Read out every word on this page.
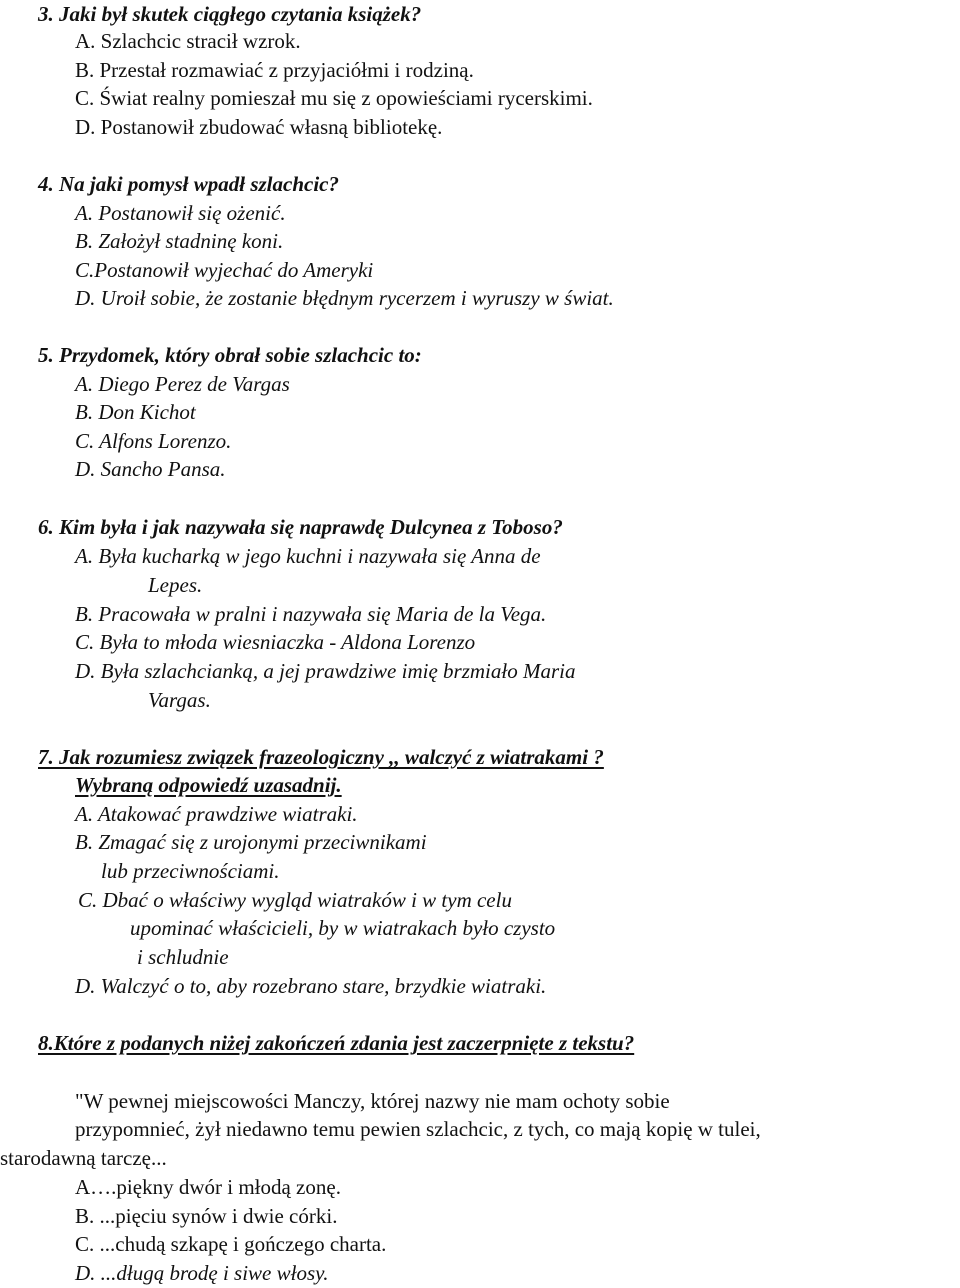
3. Jaki był skutek ciągłego czytania książek?
A. Szlachcic stracił wzrok.
B. Przestał rozmawiać z przyjaciółmi i rodziną.
C. Świat realny pomieszał mu się z opowieściami rycerskimi.
D. Postanowił zbudować własną bibliotekę.
4. Na jaki pomysł wpadł szlachcic?
A. Postanowił się ożenić.
B. Założył stadninę koni.
C.Postanowił wyjechać do Ameryki
D. Uroił sobie, że zostanie błędnym rycerzem i wyruszy w świat.
5. Przydomek, który obrał sobie szlachcic to:
A. Diego Perez de Vargas
B. Don Kichot
C. Alfons Lorenzo.
D. Sancho Pansa.
6. Kim była i jak nazywała się naprawdę Dulcynea z Toboso?
A. Była kucharką w jego kuchni i nazywała się Anna de
Lepes.
B. Pracowała w pralni i nazywała się Maria de la Vega.
C. Była to młoda wiesniaczka - Aldona Lorenzo
D. Była szlachcianką, a jej prawdziwe imię brzmiało Maria
Vargas.
7. Jak rozumiesz związek frazeologiczny ,, walczyć z wiatrakami ?
Wybraną odpowiedź uzasadnij.
A. Atakować prawdziwe wiatraki.
B. Zmagać się z urojonymi przeciwnikami
lub przeciwnościami.
C. Dbać o właściwy wygląd wiatraków i w tym celu
upominać właścicieli, by w wiatrakach było czysto
i schludnie
D. Walczyć o to, aby rozebrano stare, brzydkie wiatraki.
8.Które z podanych niżej zakończeń zdania jest zaczerpnięte z tekstu?
"W pewnej miejscowości Manczy, której nazwy nie mam ochoty sobie
przypomnieć, żył niedawno temu pewien szlachcic, z tych, co mają kopię w tulei,
starodawną tarczę...
A….piękny dwór i młodą zonę.
B. ...pięciu synów i dwie córki.
C. ...chudą szkapę i gończego charta.
D. ...długą brodę i siwe włosy.
